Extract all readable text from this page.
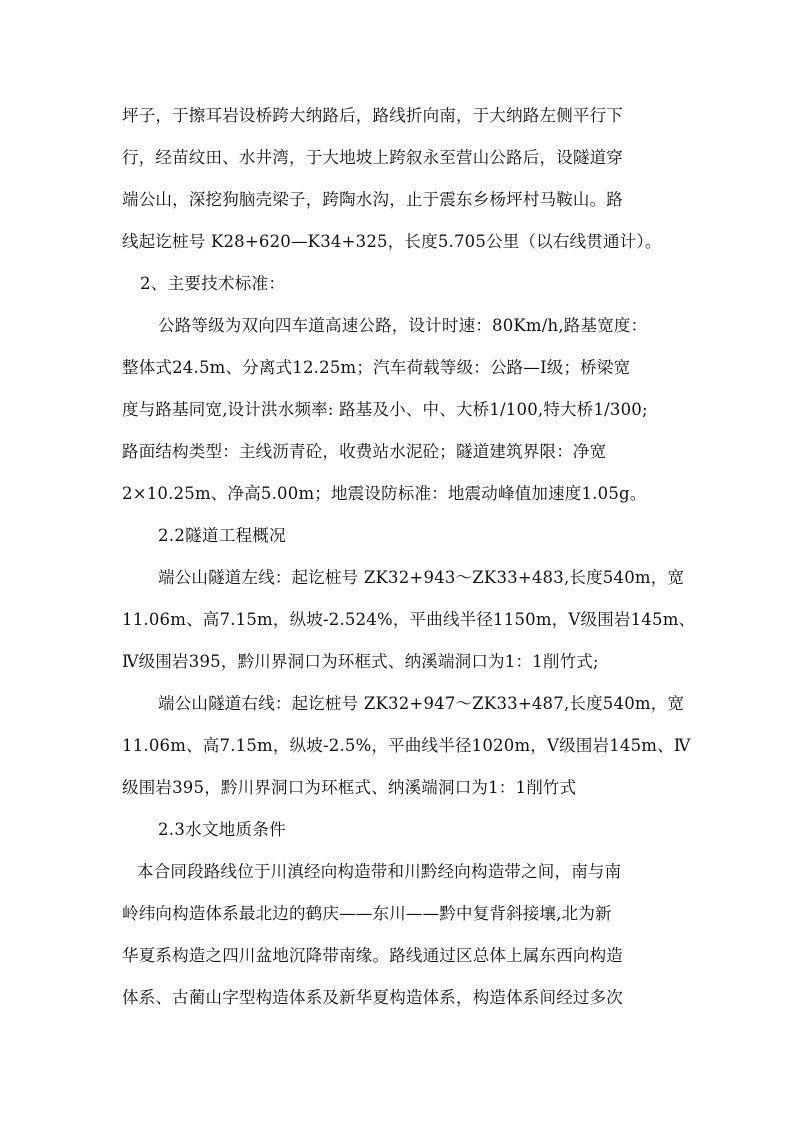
坪子，于擦耳岩设桥跨大纳路后，路线折向南，于大纳路左侧平行下
行，经苗纹田、水井湾，于大地坡上跨叙永至营山公路后，设隧道穿
端公山，深挖狗脑壳梁子，跨陶水沟，止于震东乡杨坪村马鞍山。路
线起讫桩号 K28+620—K34+325，长度5.705公里（以右线贯通计）。
2、主要技术标准：
公路等级为双向四车道高速公路，设计时速：80Km/h,路基宽度：
整体式24.5m、分离式12.25m；汽车荷载等级：公路—Ⅰ级；桥梁宽
度与路基同宽,设计洪水频率: 路基及小、中、大桥1/100,特大桥1/300;
路面结构类型：主线沥青砼，收费站水泥砼；隧道建筑界限：净宽
2×10.25m、净高5.00m；地震设防标准：地震动峰值加速度1.05g。
2.2隧道工程概况
端公山隧道左线：起讫桩号 ZK32+943～ZK33+483,长度540m，宽
11.06m、高7.15m，纵坡-2.524%，平曲线半径1150m，Ⅴ级围岩145m、
Ⅳ级围岩395，黔川界洞口为环框式、纳溪端洞口为1：1削竹式;
端公山隧道右线：起讫桩号 ZK32+947～ZK33+487,长度540m，宽
11.06m、高7.15m，纵坡-2.5%，平曲线半径1020m，Ⅴ级围岩145m、Ⅳ
级围岩395，黔川界洞口为环框式、纳溪端洞口为1：1削竹式
2.3水文地质条件
本合同段路线位于川滇经向构造带和川黔经向构造带之间，南与南
岭纬向构造体系最北边的鹤庆——东川——黔中复背斜接壤,北为新
华夏系构造之四川盆地沉降带南缘。路线通过区总体上属东西向构造
体系、古蔺山字型构造体系及新华夏构造体系，构造体系间经过多次
